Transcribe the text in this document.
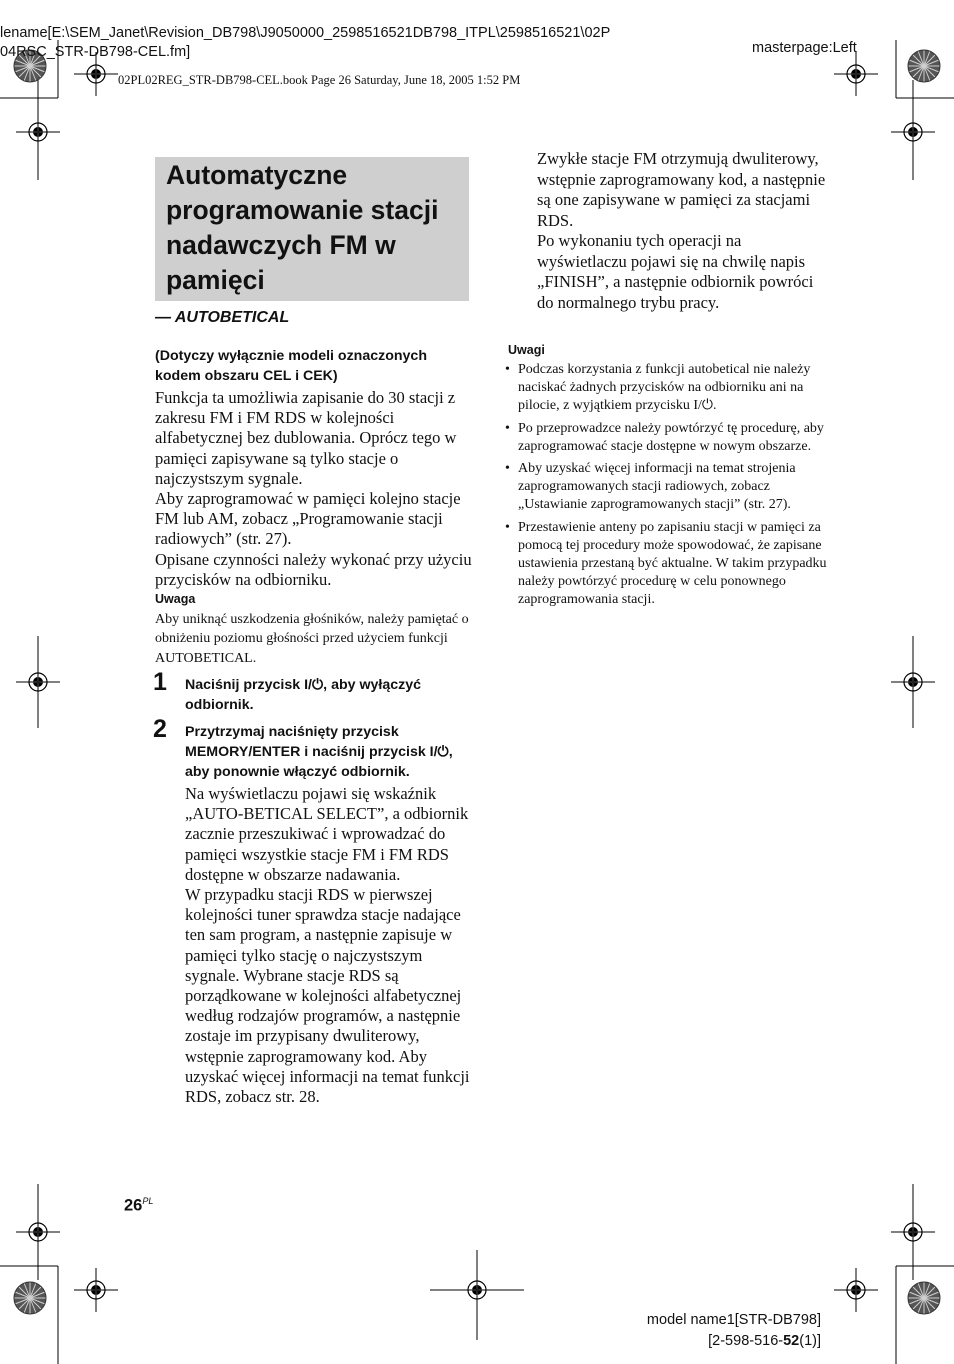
lename[E:\SEM_Janet\Revision_DB798\J9050000_2598516521DB798_ITPL\2598516521\02P
04RSC_STR-DB798-CEL.fm]	masterpage:Left
02PL02REG_STR-DB798-CEL.book Page 26 Saturday, June 18, 2005 1:52 PM
Automatyczne programowanie stacji nadawczych FM w pamięci
— AUTOBETICAL
(Dotyczy wyłącznie modeli oznaczonych kodem obszaru CEL i CEK)

Funkcja ta umożliwia zapisanie do 30 stacji z zakresu FM i FM RDS w kolejności alfabetycznej bez dublowania. Oprócz tego w pamięci zapisywane są tylko stacje o najczystszym sygnale.

Aby zaprogramować w pamięci kolejno stacje FM lub AM, zobacz „Programowanie stacji radiowych” (str. 27).

Opisane czynności należy wykonać przy użyciu przycisków na odbiorniku.

Uwaga
Aby uniknąć uszkodzenia głośników, należy pamiętać o obniżeniu poziomu głośności przed użyciem funkcji AUTOBETICAL.
1 Naciśnij przycisk I/⏻, aby wyłączyć odbiornik.
2 Przytrzymaj naciśnięty przycisk MEMORY/ENTER i naciśnij przycisk I/⏻, aby ponownie włączyć odbiornik.

Na wyświetlaczu pojawi się wskaźnik „AUTO-BETICAL SELECT”, a odbiornik zacznie przeszukiwać i wprowadzać do pamięci wszystkie stacje FM i FM RDS dostępne w obszarze nadawania.

W przypadku stacji RDS w pierwszej kolejności tuner sprawdza stacje nadające ten sam program, a następnie zapisuje w pamięci tylko stację o najczystszym sygnale. Wybrane stacje RDS są porządkowane w kolejności alfabetycznej według rodzajów programów, a następnie zostaje im przypisany dwuliterowy, wstępnie zaprogramowany kod. Aby uzyskać więcej informacji na temat funkcji RDS, zobacz str. 28.

Zwykłe stacje FM otrzymują dwuliterowy, wstępnie zaprogramowany kod, a następnie są one zapisywane w pamięci za stacjami RDS.

Po wykonaniu tych operacji na wyświetlaczu pojawi się na chwilę napis „FINISH”, a następnie odbiornik powróci do normalnego trybu pracy.

Uwagi
• Podczas korzystania z funkcji autobetical nie należy naciskać żadnych przycisków na odbiorniku ani na pilocie, z wyjątkiem przycisku I/⏻.
• Po przeprowadzce należy powtórzyć tę procedurę, aby zaprogramować stacje dostępne w nowym obszarze.
• Aby uzyskać więcej informacji na temat strojenia zaprogramowanych stacji radiowych, zobacz „Ustawianie zaprogramowanych stacji” (str. 27).
• Przestawienie anteny po zapisaniu stacji w pamięci za pomocą tej procedury może spowodować, że zapisane ustawienia przestaną być aktualne. W takim przypadku należy powtórzyć procedurę w celu ponownego zaprogramowania stacji.
$26^{PL}$
model name1[STR-DB798]
[2-598-516-52(1)]
